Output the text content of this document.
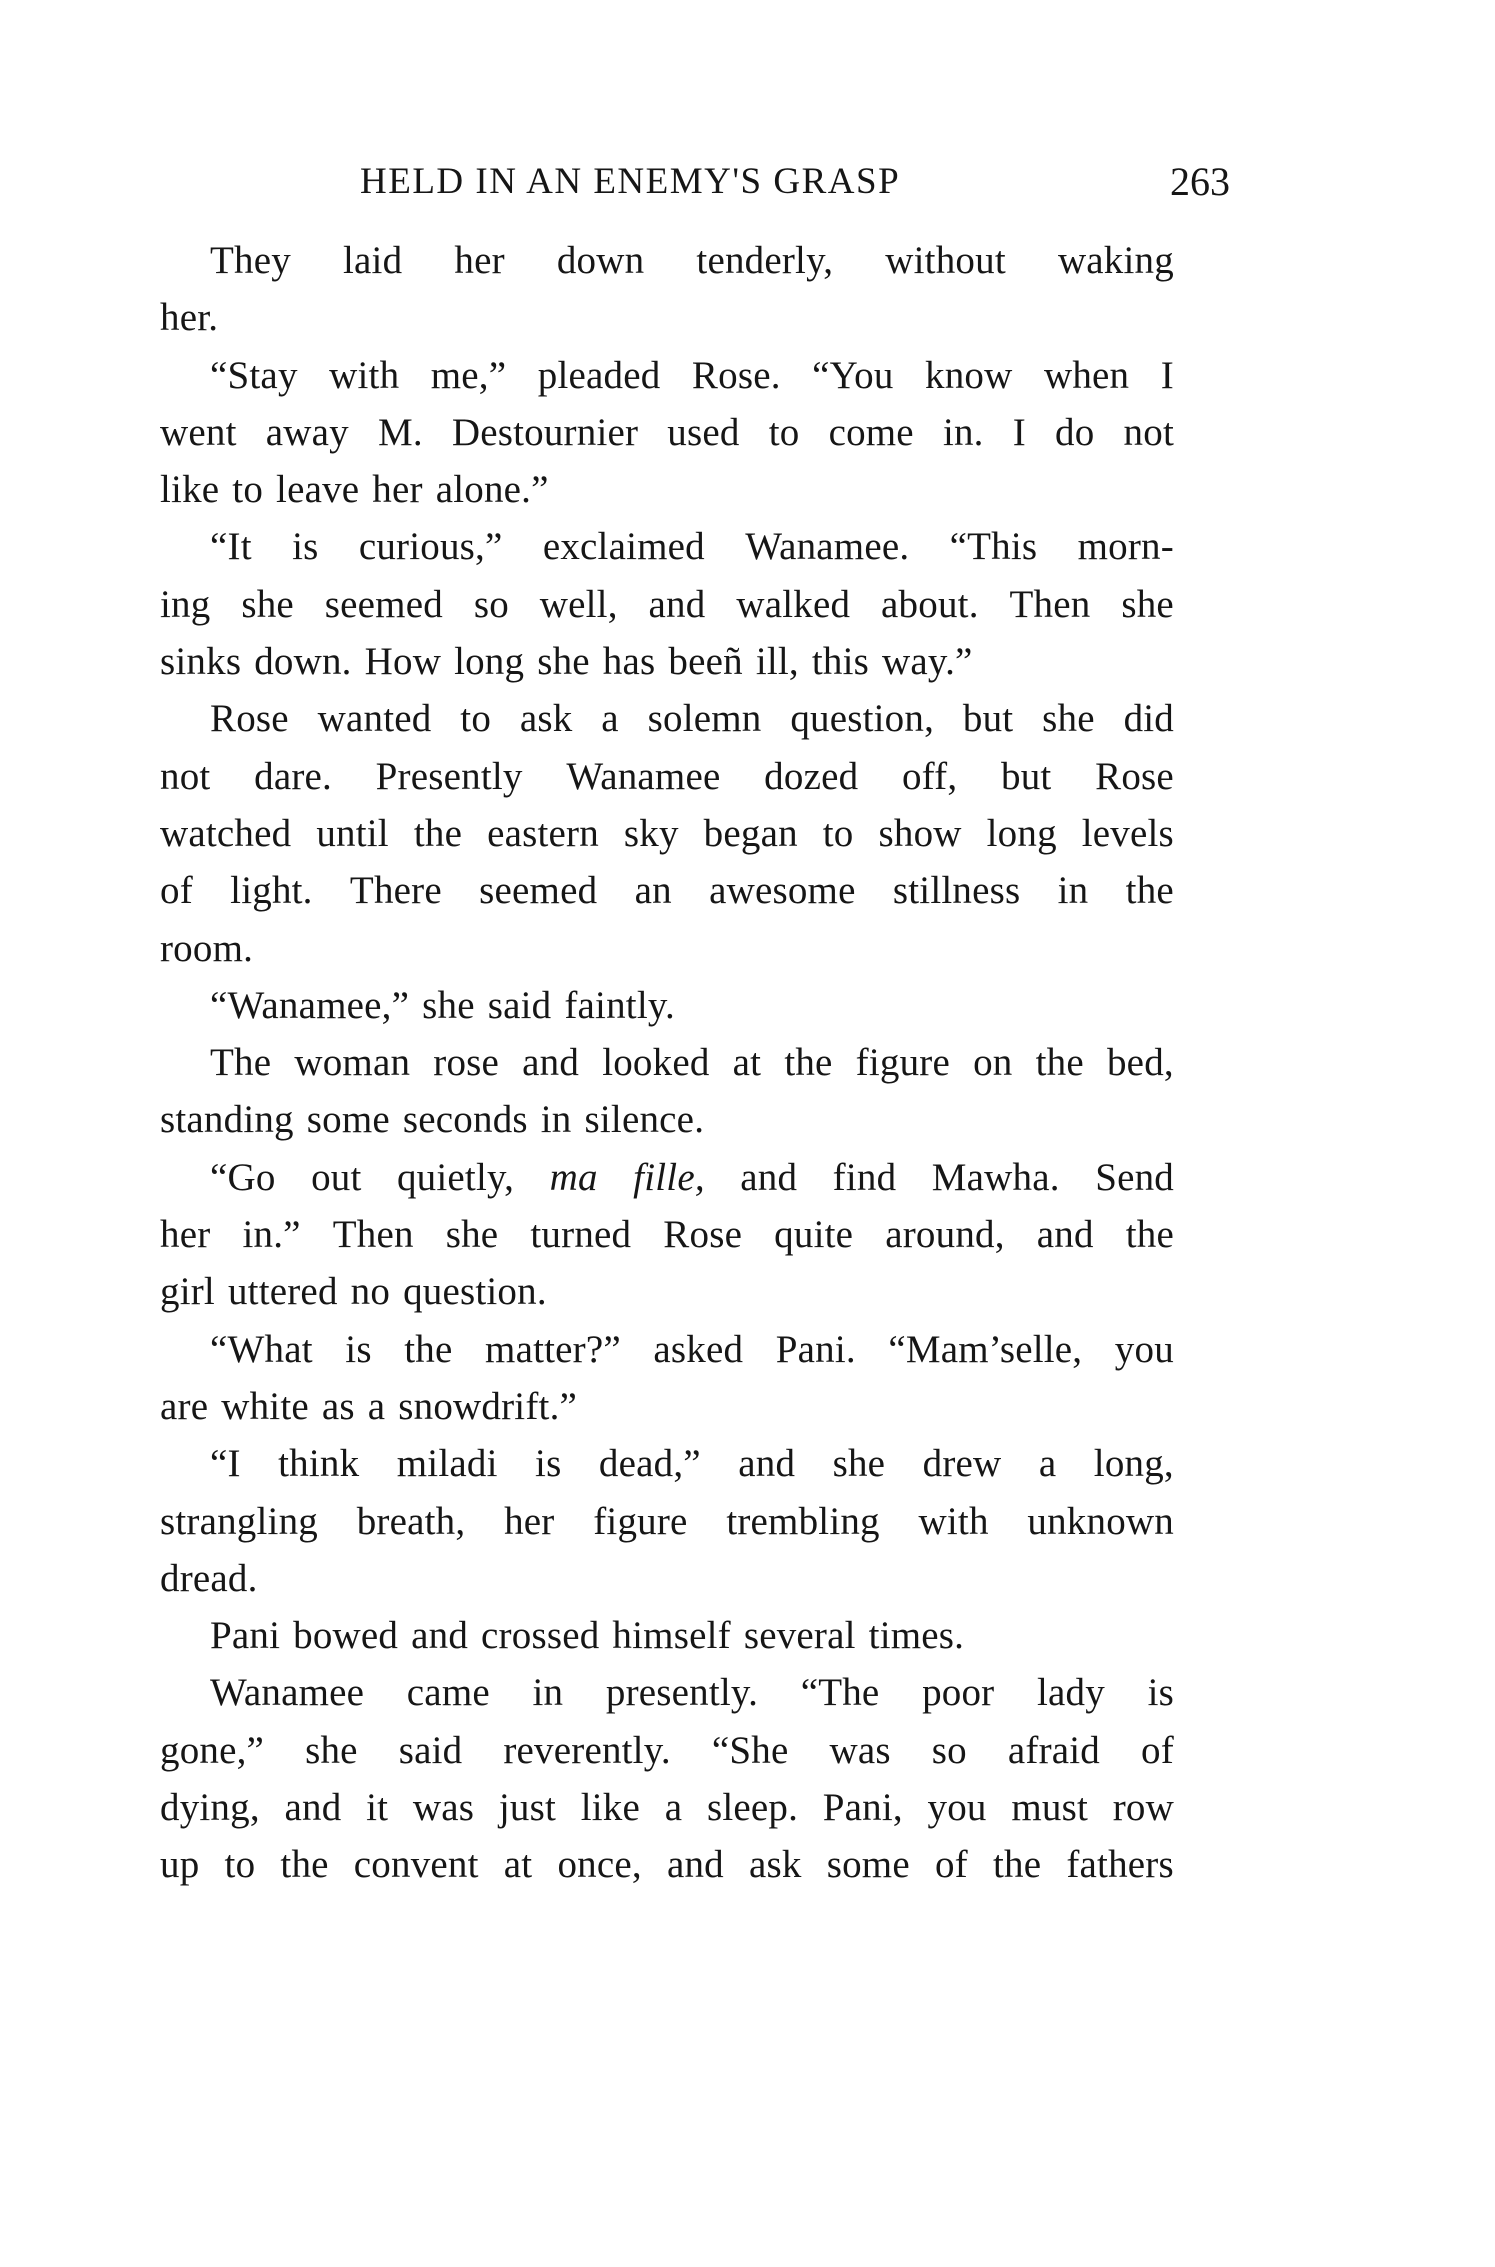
HELD IN AN ENEMY'S GRASP	263
They laid her down tenderly, without waking
her.
“Stay with me,” pleaded Rose. “You know when I
went away M. Destournier used to come in. I do not
like to leave her alone.”
“It is curious,” exclaimed Wanamee. “This morn-
ing she seemed so well, and walked about. Then she
sinks down. How long she has beeñ ill, this way.”
Rose wanted to ask a solemn question, but she did
not dare. Presently Wanamee dozed off, but Rose
watched until the eastern sky began to show long levels
of light. There seemed an awesome stillness in the
room.
“Wanamee,” she said faintly.
The woman rose and looked at the figure on the bed,
standing some seconds in silence.
“Go out quietly, ma fille, and find Mawha. Send
her in.” Then she turned Rose quite around, and the
girl uttered no question.
“What is the matter?” asked Pani. “Mam’selle, you
are white as a snowdrift.”
“I think miladi is dead,” and she drew a long,
strangling breath, her figure trembling with unknown
dread.
Pani bowed and crossed himself several times.
Wanamee came in presently. “The poor lady is
gone,” she said reverently. “She was so afraid of
dying, and it was just like a sleep. Pani, you must row
up to the convent at once, and ask some of the fathers
